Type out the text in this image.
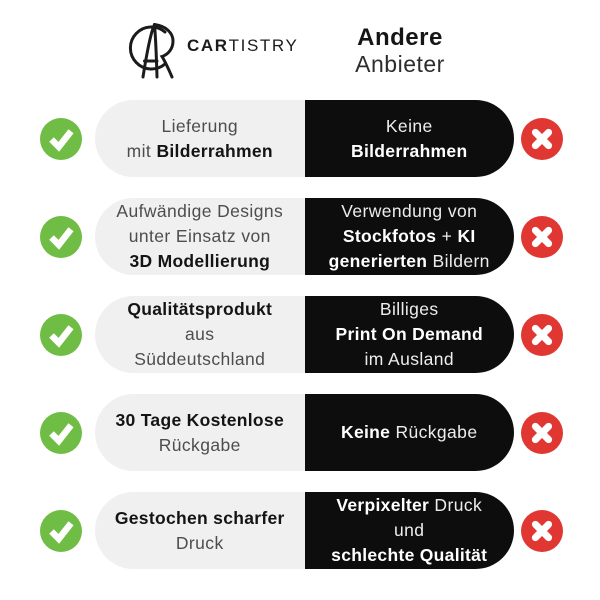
CARTISTRY	Andere
Anbieter
Lieferung
mit Bilderrahmen
Keine
Bilderrahmen
Aufwändige Designs
unter Einsatz von
3D Modellierung
Verwendung von
Stockfotos + KI
generierten Bildern
Qualitätsprodukt
aus
Süddeutschland
Billiges
Print On Demand
im Ausland
30 Tage Kostenlose
Rückgabe
Keine Rückgabe
Gestochen scharfer
Druck
Verpixelter Druck
und
schlechte Qualität
